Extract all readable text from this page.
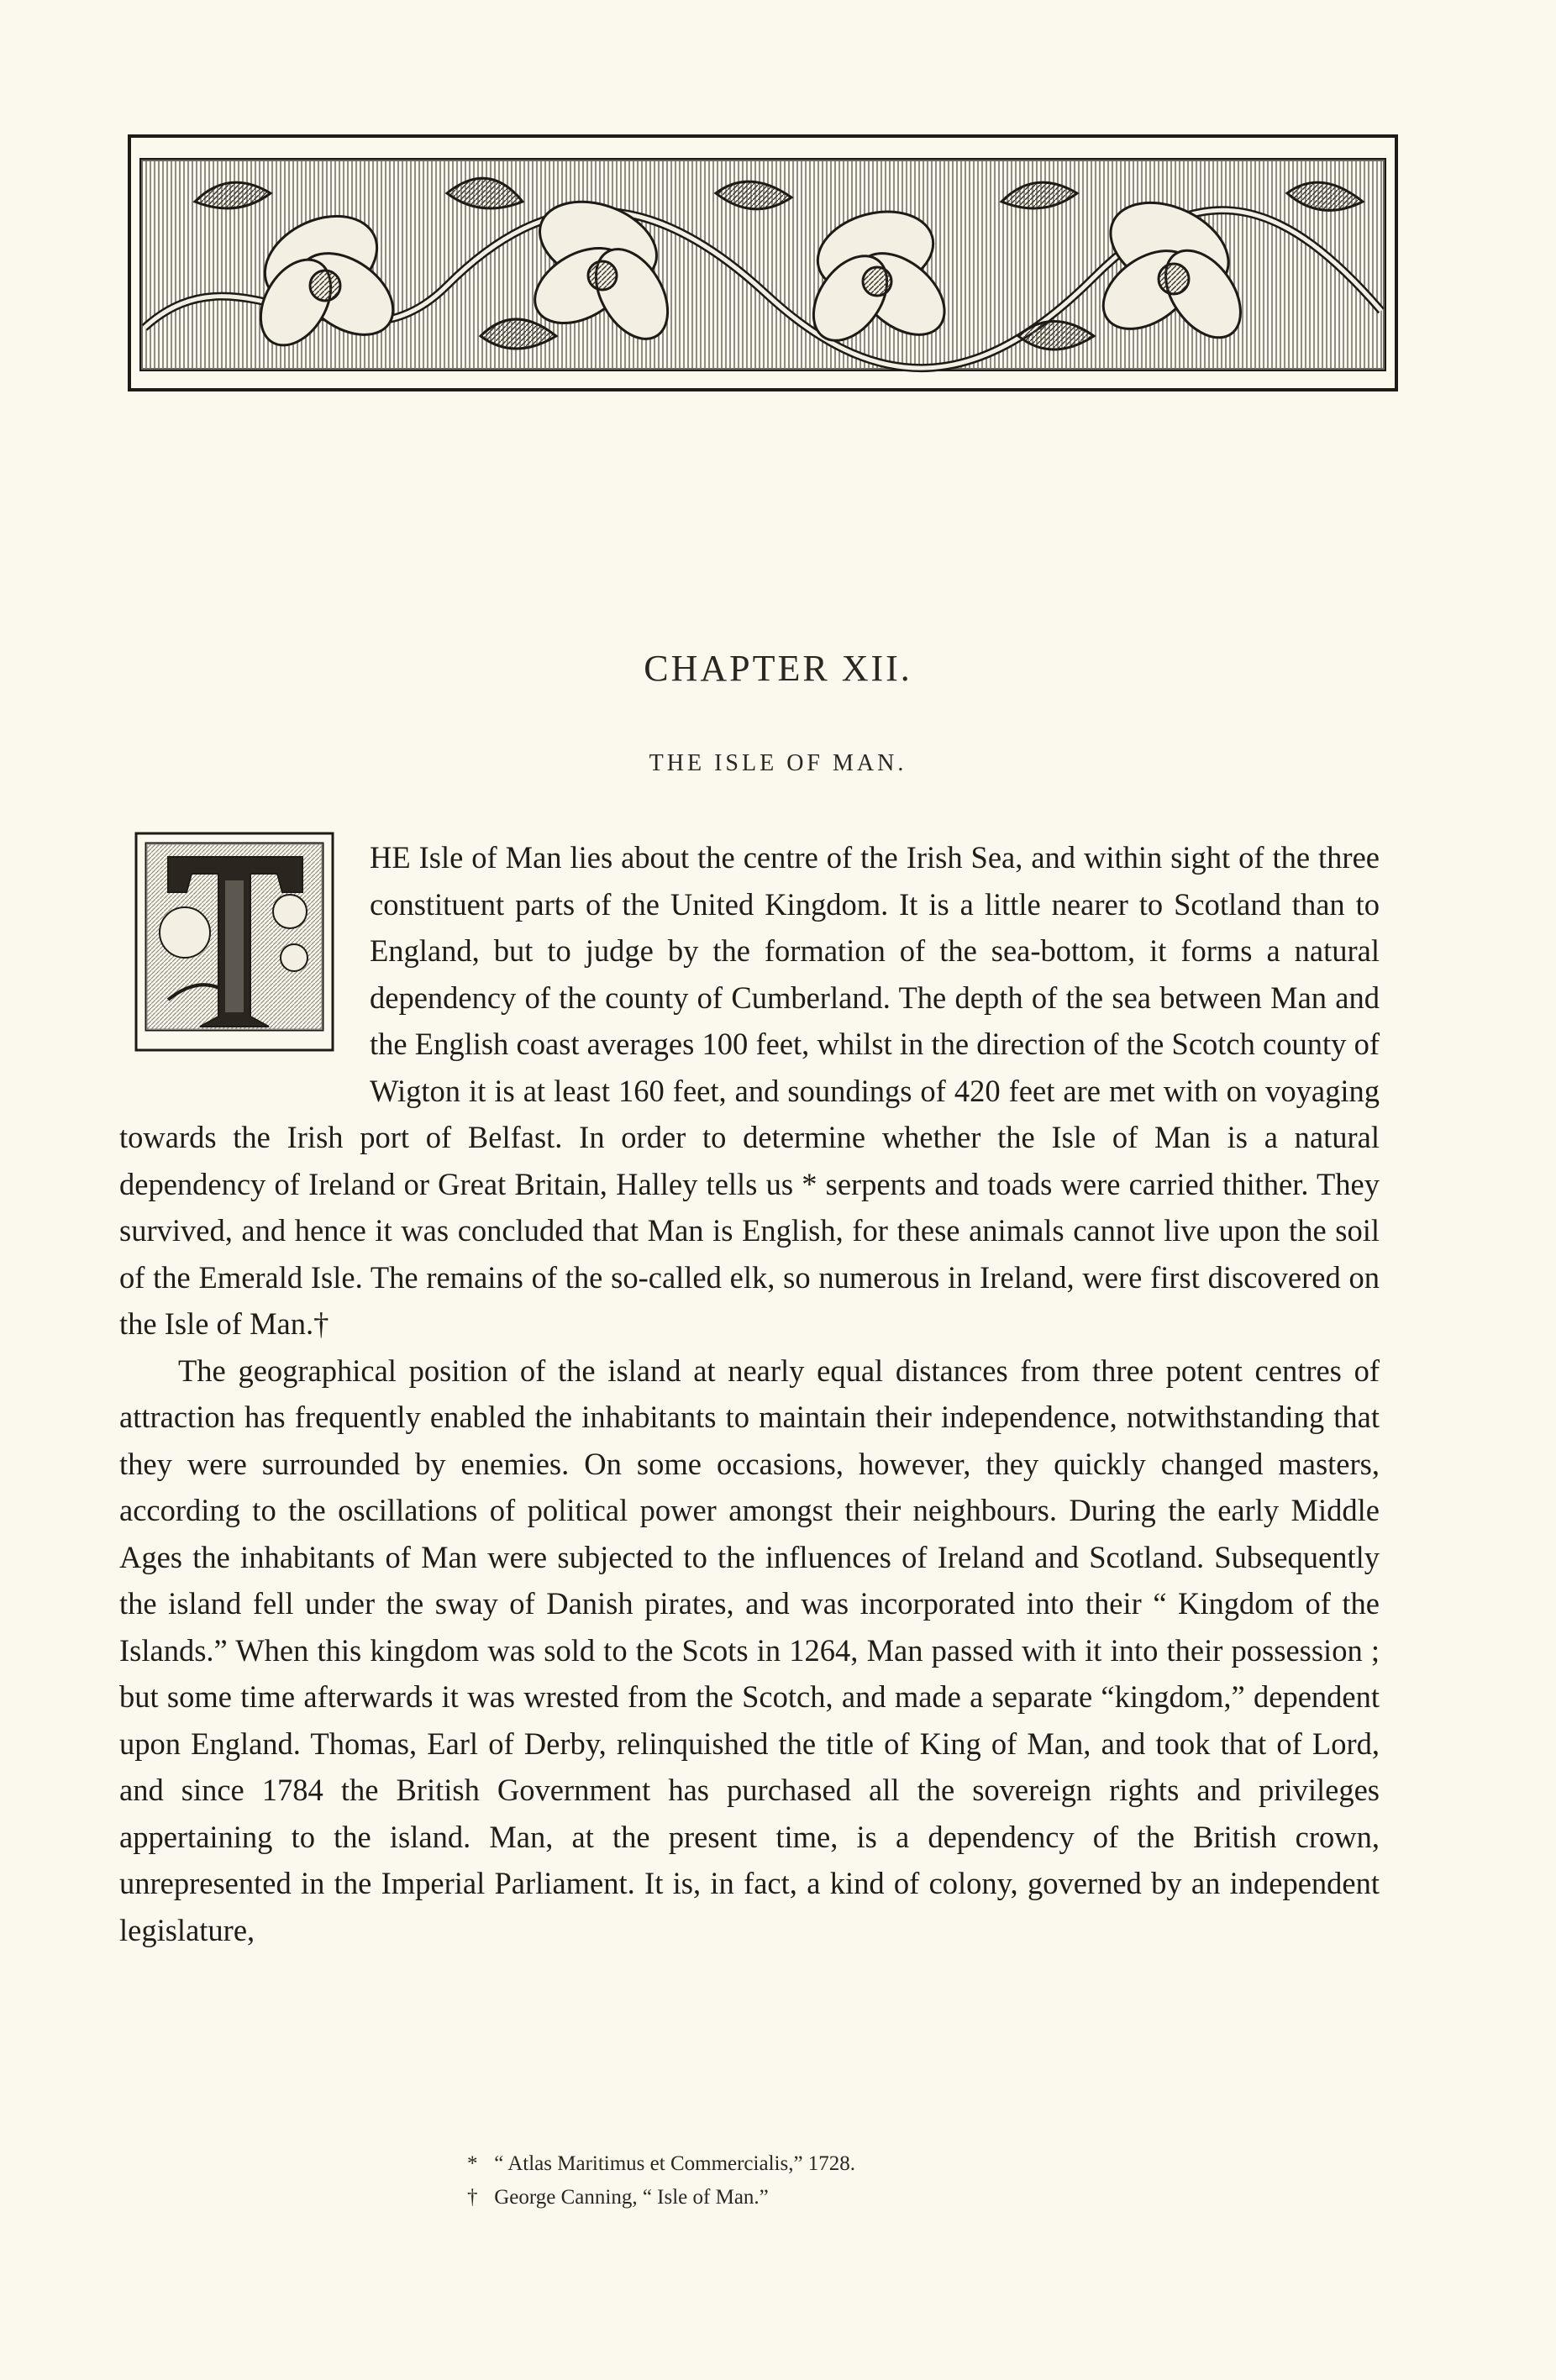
CHAPTER XII.
THE ISLE OF MAN.

HE Isle of Man lies about the centre of the Irish Sea, and within sight of the three constituent parts of the United Kingdom. It is a little nearer to Scotland than to England, but to judge by the formation of the sea-bottom, it forms a natural dependency of the county of Cumberland. The depth of the sea between Man and the English coast averages 100 feet, whilst in the direction of the Scotch county of Wigton it is at least 160 feet, and soundings of 420 feet are met with on voyaging towards the Irish port of Belfast. In order to determine whether the Isle of Man is a natural dependency of Ireland or Great Britain, Halley tells us * serpents and toads were carried thither. They survived, and hence it was concluded that Man is English, for these animals cannot live upon the soil of the Emerald Isle. The remains of the so-called elk, so numerous in Ireland, were first discovered on the Isle of Man.†

The geographical position of the island at nearly equal distances from three potent centres of attraction has frequently enabled the inhabitants to maintain their independence, notwithstanding that they were surrounded by enemies. On some occasions, however, they quickly changed masters, according to the oscillations of political power amongst their neighbours. During the early Middle Ages the inhabitants of Man were subjected to the influences of Ireland and Scotland. Subsequently the island fell under the sway of Danish pirates, and was incorporated into their “ Kingdom of the Islands.” When this kingdom was sold to the Scots in 1264, Man passed with it into their possession ; but some time afterwards it was wrested from the Scotch, and made a separate “kingdom,” dependent upon England. Thomas, Earl of Derby, relinquished the title of King of Man, and took that of Lord, and since 1784 the British Government has purchased all the sovereign rights and privileges appertaining to the island. Man, at the present time, is a dependency of the British crown, unrepresented in the Imperial Parliament. It is, in fact, a kind of colony, governed by an independent legislature,

* “ Atlas Maritimus et Commercialis,” 1728.
† George Canning, “ Isle of Man.”
